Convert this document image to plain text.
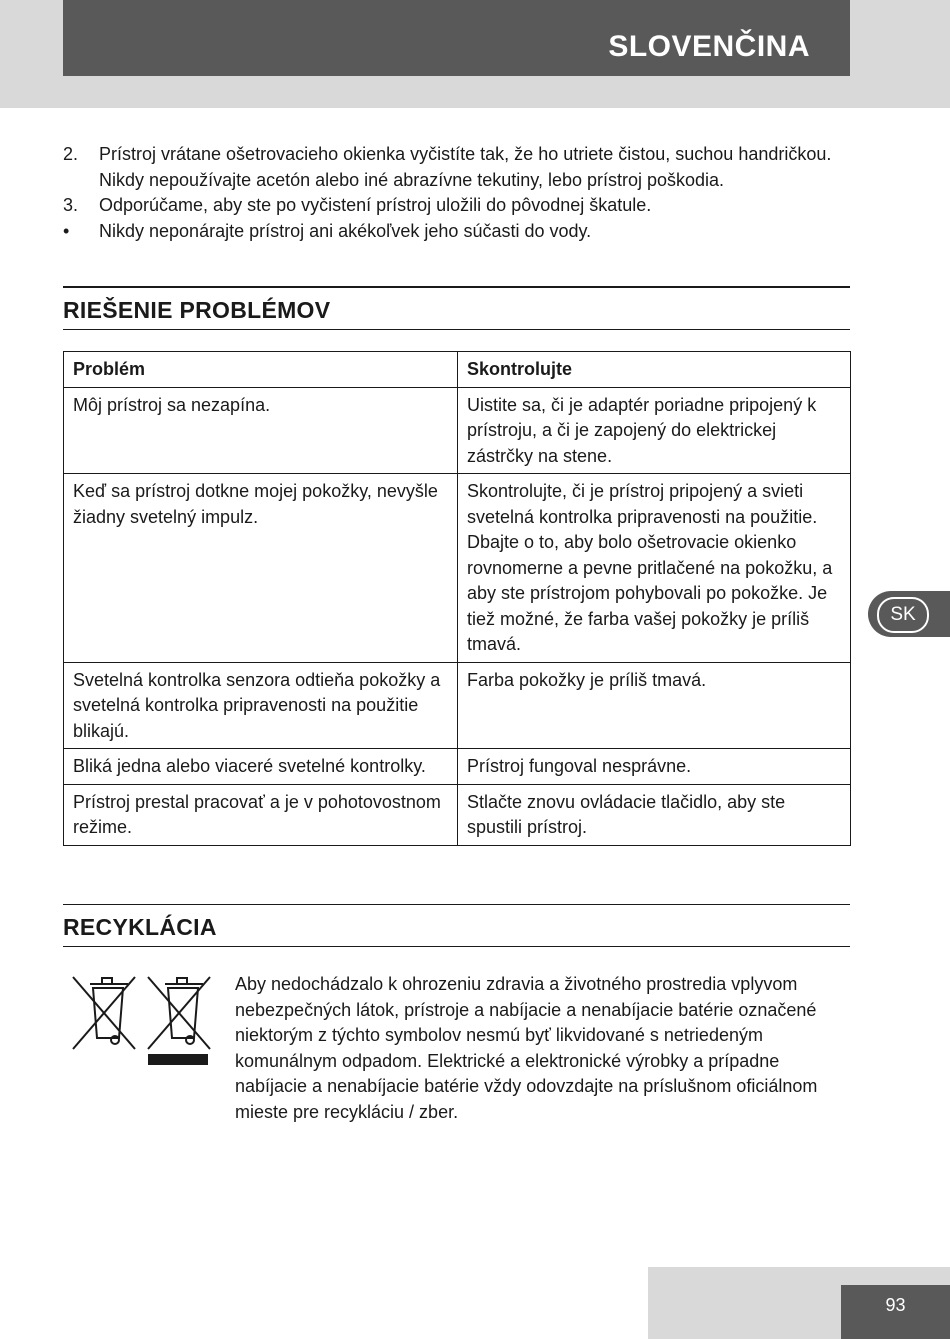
SLOVENČINA
2.	Prístroj vrátane ošetrovacieho okienka vyčistíte tak, že ho utriete čistou, suchou handričkou. Nikdy nepoužívajte acetón alebo iné abrazívne tekutiny, lebo prístroj poškodia.
3.	Odporúčame, aby ste po vyčistení prístroj uložili do pôvodnej škatule.
•	Nikdy neponárajte prístroj ani akékoľvek jeho súčasti do vody.
RIEŠENIE PROBLÉMOV
Problém	Skontrolujte
Môj prístroj sa nezapína.	Uistite sa, či je adaptér poriadne pripojený k prístroju, a či je zapojený do elektrickej zástrčky na stene.
Keď sa prístroj dotkne mojej pokožky, nevyšle žiadny svetelný impulz.	Skontrolujte, či je prístroj pripojený a svieti svetelná kontrolka pripravenosti na použitie. Dbajte o to, aby bolo ošetrovacie okienko rovnomerne a pevne pritlačené na pokožku, a aby ste prístrojom pohybovali po pokožke. Je tiež možné, že farba vašej pokožky je príliš tmavá.
Svetelná kontrolka senzora odtieňa pokožky a svetelná kontrolka pripravenosti na použitie blikajú.	Farba pokožky je príliš tmavá.
Bliká jedna alebo viaceré svetelné kontrolky.	Prístroj fungoval nesprávne.
Prístroj prestal pracovať a je v pohotovostnom režime.	Stlačte znovu ovládacie tlačidlo, aby ste spustili prístroj.
RECYKLÁCIA
Aby nedochádzalo k ohrozeniu zdravia a životného prostredia vplyvom nebezpečných látok, prístroje a nabíjacie a nenabíjacie batérie označené niektorým z týchto symbolov nesmú byť likvidované s netriedeným komunálnym odpadom. Elektrické a elektronické výrobky a prípadne nabíjacie a nenabíjacie batérie vždy odovzdajte na príslušnom oficiálnom mieste pre recykláciu / zber.
SK
93
